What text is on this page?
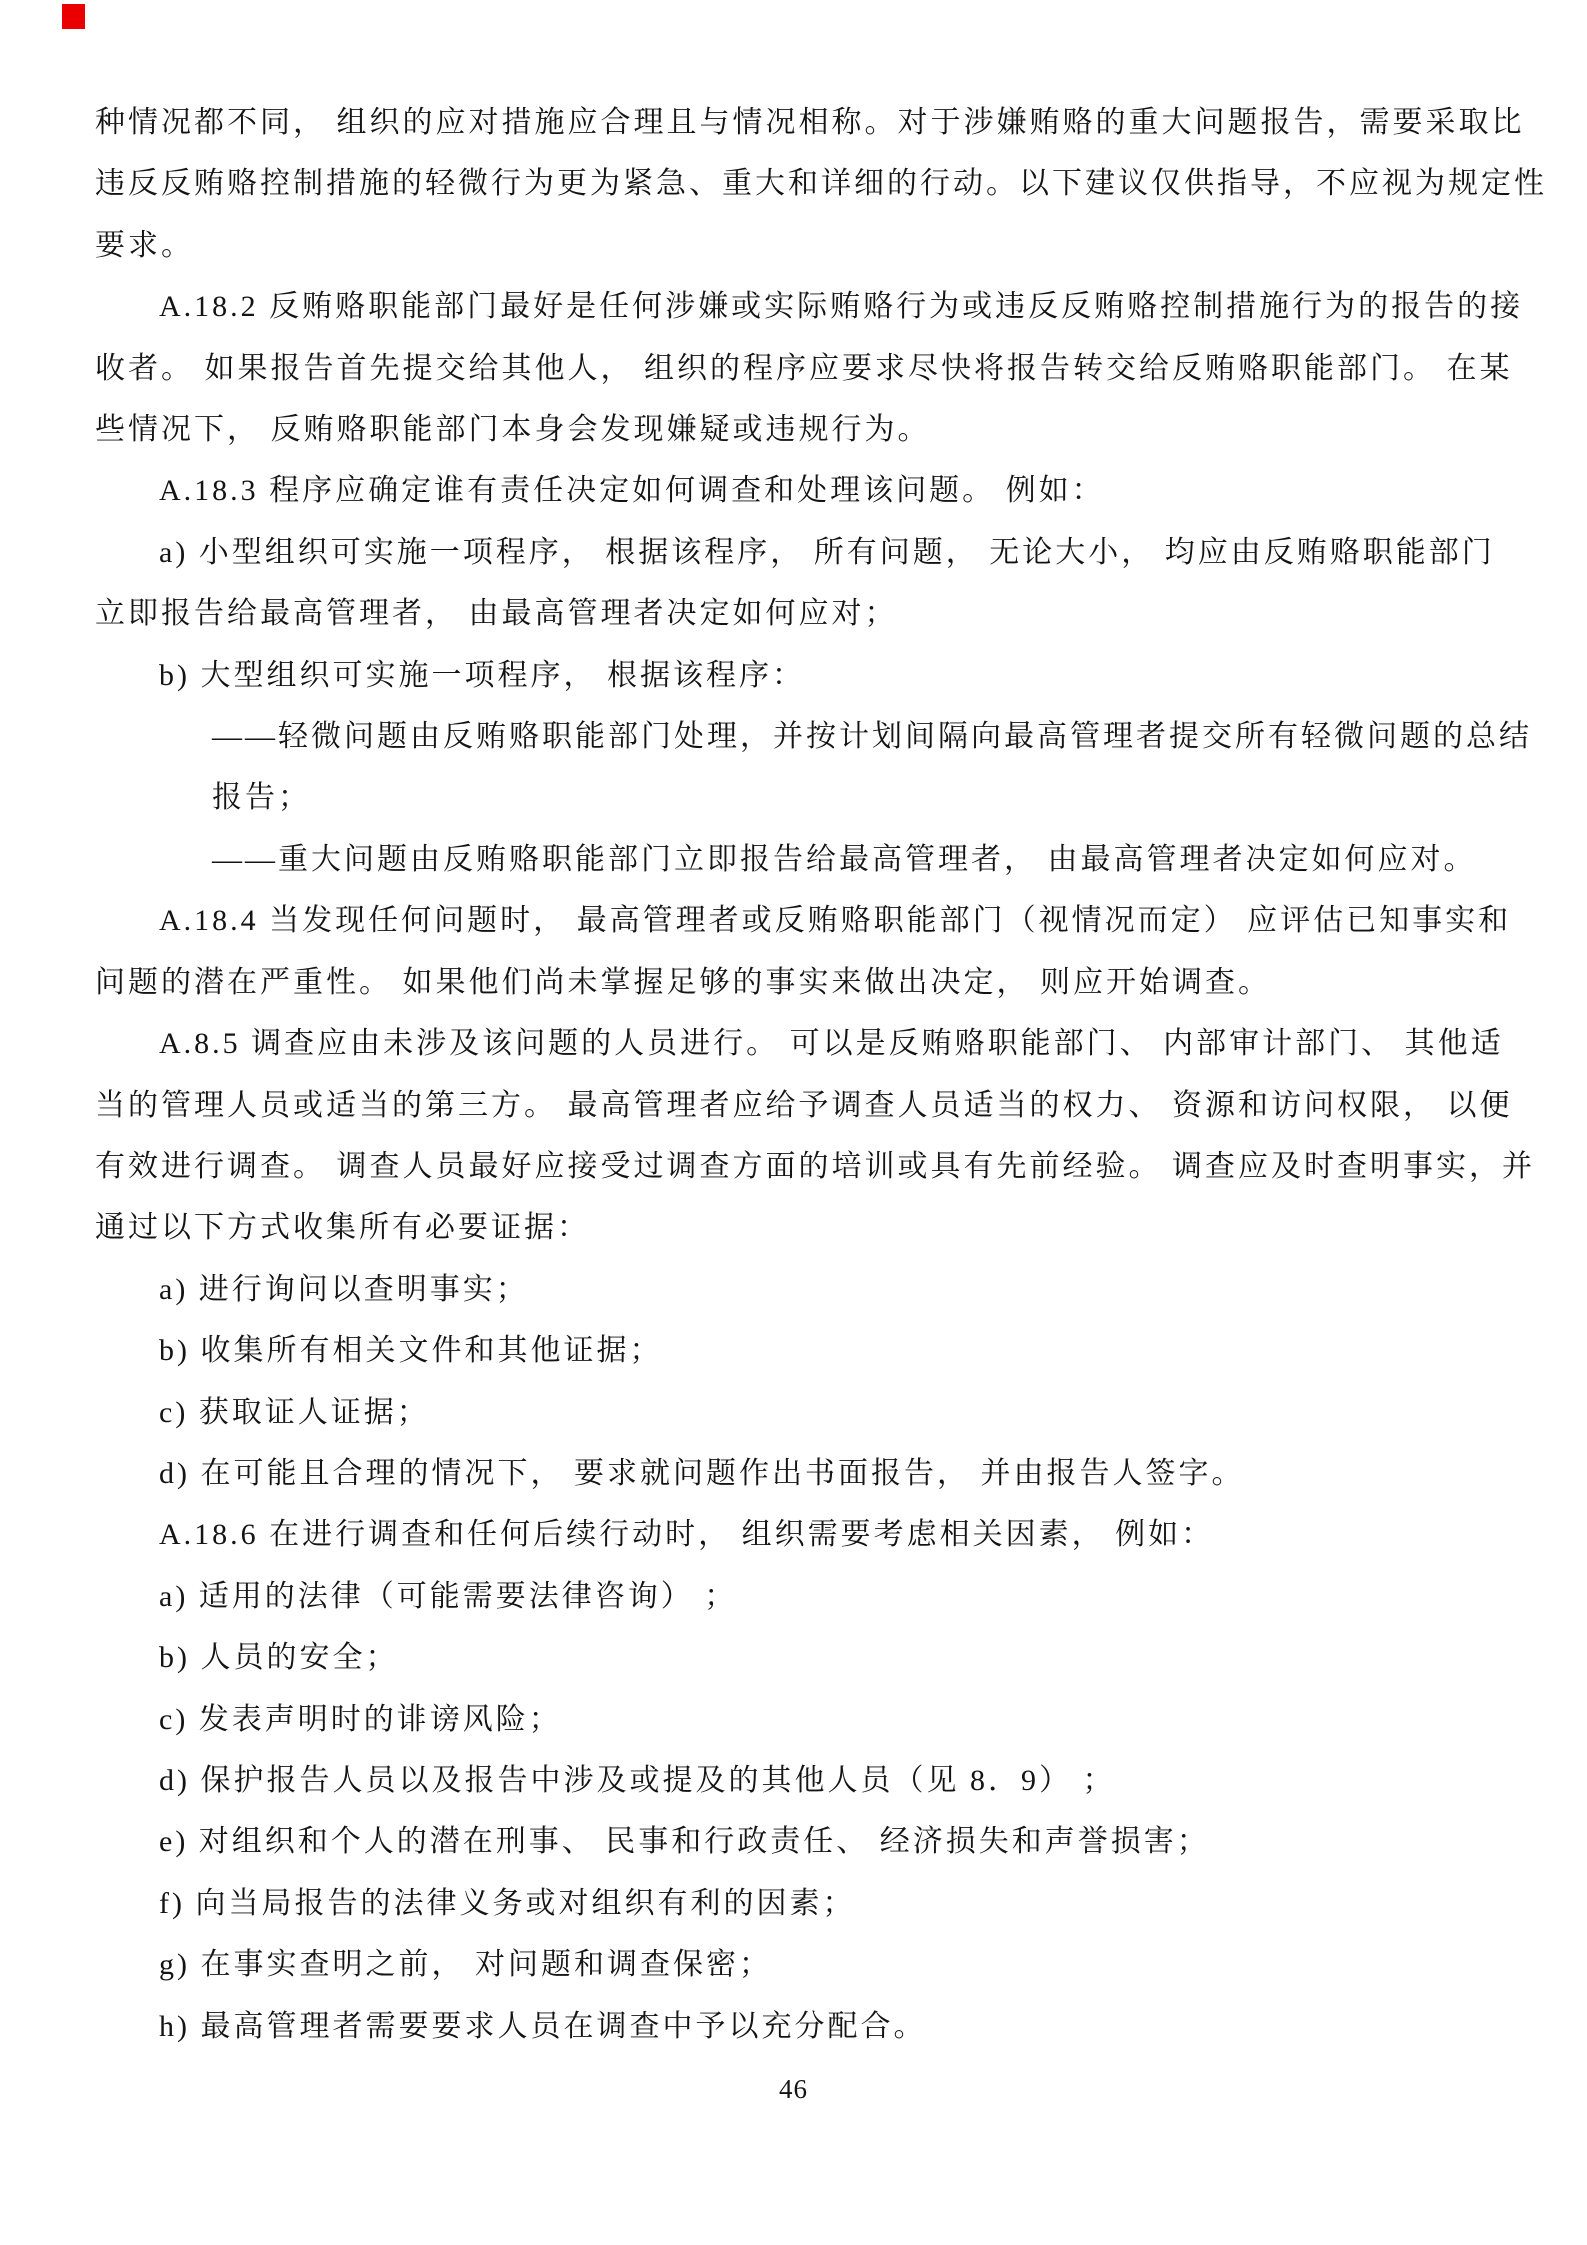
种情况都不同， 组织的应对措施应合理且与情况相称。对于涉嫌贿赂的重大问题报告，需要采取比
违反反贿赂控制措施的轻微行为更为紧急、重大和详细的行动。以下建议仅供指导，不应视为规定性
要求。
A.18.2 反贿赂职能部门最好是任何涉嫌或实际贿赂行为或违反反贿赂控制措施行为的报告的接
收者。 如果报告首先提交给其他人， 组织的程序应要求尽快将报告转交给反贿赂职能部门。 在某
些情况下， 反贿赂职能部门本身会发现嫌疑或违规行为。
A.18.3 程序应确定谁有责任决定如何调查和处理该问题。 例如：
a) 小型组织可实施一项程序， 根据该程序， 所有问题， 无论大小， 均应由反贿赂职能部门
立即报告给最高管理者， 由最高管理者决定如何应对；
b) 大型组织可实施一项程序， 根据该程序：
——轻微问题由反贿赂职能部门处理，并按计划间隔向最高管理者提交所有轻微问题的总结
报告；
——重大问题由反贿赂职能部门立即报告给最高管理者， 由最高管理者决定如何应对。
A.18.4 当发现任何问题时， 最高管理者或反贿赂职能部门（视情况而定） 应评估已知事实和
问题的潜在严重性。 如果他们尚未掌握足够的事实来做出决定， 则应开始调查。
A.8.5 调查应由未涉及该问题的人员进行。 可以是反贿赂职能部门、 内部审计部门、 其他适
当的管理人员或适当的第三方。 最高管理者应给予调查人员适当的权力、 资源和访问权限， 以便
有效进行调查。 调查人员最好应接受过调查方面的培训或具有先前经验。 调查应及时查明事实，并
通过以下方式收集所有必要证据：
a) 进行询问以查明事实；
b) 收集所有相关文件和其他证据；
c) 获取证人证据；
d) 在可能且合理的情况下， 要求就问题作出书面报告， 并由报告人签字。
A.18.6 在进行调查和任何后续行动时， 组织需要考虑相关因素， 例如：
a) 适用的法律（可能需要法律咨询） ；
b) 人员的安全；
c) 发表声明时的诽谤风险；
d) 保护报告人员以及报告中涉及或提及的其他人员（见 8．9） ；
e) 对组织和个人的潜在刑事、 民事和行政责任、 经济损失和声誉损害；
f) 向当局报告的法律义务或对组织有利的因素；
g) 在事实查明之前， 对问题和调查保密；
h) 最高管理者需要要求人员在调查中予以充分配合。
46
